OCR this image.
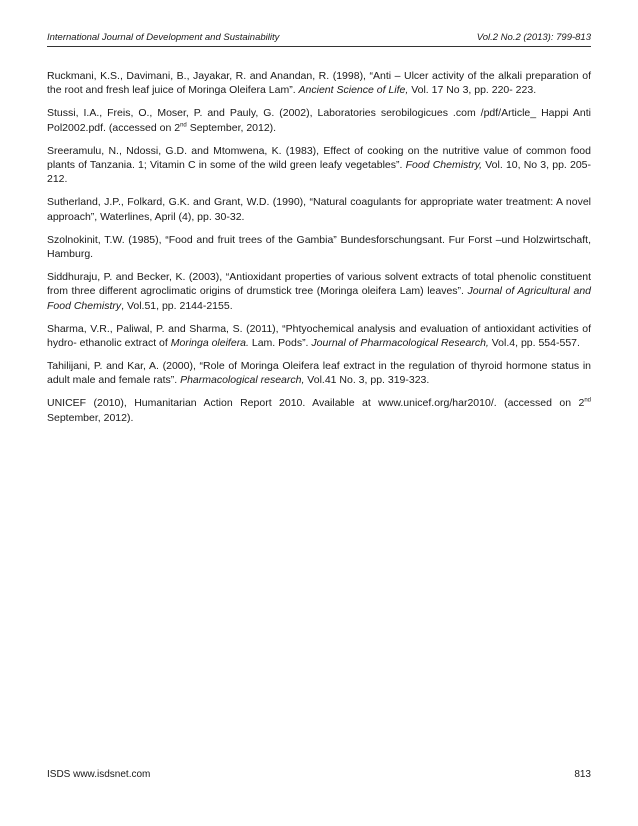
International Journal of Development and Sustainability	Vol.2 No.2 (2013): 799-813

Ruckmani, K.S., Davimani, B., Jayakar, R. and Anandan, R. (1998), “Anti – Ulcer activity of the alkali preparation of the root and fresh leaf juice of Moringa Oleifera Lam”. Ancient Science of Life, Vol. 17 No 3, pp. 220- 223.

Stussi, I.A., Freis, O., Moser, P. and Pauly, G. (2002), Laboratories serobilogicues .com /pdf/Article_ Happi Anti Pol2002.pdf. (accessed on 2nd September, 2012).

Sreeramulu, N., Ndossi, G.D. and Mtomwena, K. (1983), Effect of cooking on the nutritive value of common food plants of Tanzania. 1; Vitamin C in some of the wild green leafy vegetables”. Food Chemistry, Vol. 10, No 3, pp. 205- 212.

Sutherland, J.P., Folkard, G.K. and Grant, W.D. (1990), “Natural coagulants for appropriate water treatment: A novel approach”, Waterlines, April (4), pp. 30-32.

Szolnokinit, T.W. (1985), “Food and fruit trees of the Gambia” Bundesforschungsant. Fur Forst –und Holzwirtschaft, Hamburg.

Siddhuraju, P. and Becker, K. (2003), “Antioxidant properties of various solvent extracts of total phenolic constituent from three different agroclimatic origins of drumstick tree (Moringa oleifera Lam) leaves”. Journal of Agricultural and Food Chemistry, Vol.51, pp. 2144-2155.

Sharma, V.R., Paliwal, P. and Sharma, S. (2011), “Phtyochemical analysis and evaluation of antioxidant activities of hydro- ethanolic extract of Moringa oleifera. Lam. Pods”. Journal of Pharmacological Research, Vol.4, pp. 554-557.

Tahilijani, P. and Kar, A. (2000), “Role of Moringa Oleifera leaf extract in the regulation of thyroid hormone status in adult male and female rats”. Pharmacological research, Vol.41 No. 3, pp. 319-323.

UNICEF (2010), Humanitarian Action Report 2010. Available at www.unicef.org/har2010/. (accessed on 2nd September, 2012).

ISDS www.isdsnet.com	813
